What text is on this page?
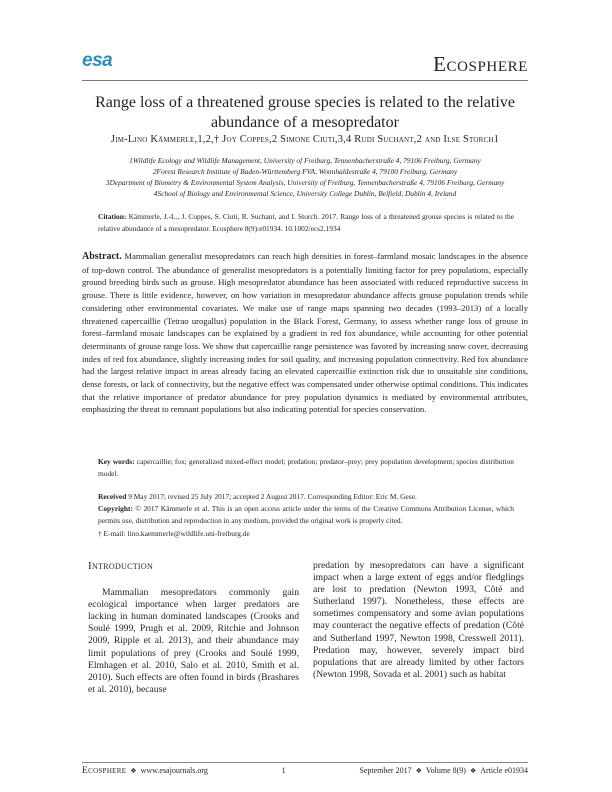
esa	Ecosphere
Range loss of a threatened grouse species is related to the relative abundance of a mesopredator
Jim-Lino Kämmerle,1,2,† Joy Coppes,2 Simone Ciuti,3,4 Rudi Suchant,2 and Ilse Storch1
1Wildlife Ecology and Wildlife Management, University of Freiburg, Tennenbacherstraße 4, 79106 Freiburg, Germany
2Forest Research Institute of Baden-Württemberg FVA, Wonnhaldestraße 4, 79100 Freiburg, Germany
3Department of Biometry & Environmental System Analysis, University of Freiburg, Tennenbacherstraße 4, 79106 Freiburg, Germany
4School of Biology and Environmental Science, University College Dublin, Belfield, Dublin 4, Ireland
Citation: Kämmerle, J.-L., J. Coppes, S. Ciuti, R. Suchant, and I. Storch. 2017. Range loss of a threatened grouse species is related to the relative abundance of a mesopredator. Ecosphere 8(9):e01934. 10.1002/ecs2.1934
Abstract. Mammalian generalist mesopredators can reach high densities in forest–farmland mosaic landscapes in the absence of top-down control. The abundance of generalist mesopredators is a potentially limiting factor for prey populations, especially ground breeding birds such as grouse. High mesopredator abundance has been associated with reduced reproductive success in grouse. There is little evidence, however, on how variation in mesopredator abundance affects grouse population trends while considering other environmental covariates. We make use of range maps spanning two decades (1993–2013) of a locally threatened capercaillie (Tetrao urogallus) population in the Black Forest, Germany, to assess whether range loss of grouse in forest–farmland mosaic landscapes can be explained by a gradient in red fox abundance, while accounting for other potential determinants of grouse range loss. We show that capercaillie range persistence was favored by increasing snow cover, decreasing index of red fox abundance, slightly increasing index for soil quality, and increasing population connectivity. Red fox abundance had the largest relative impact in areas already facing an elevated capercaillie extinction risk due to unsuitable site conditions, dense forests, or lack of connectivity, but the negative effect was compensated under otherwise optimal conditions. This indicates that the relative importance of predator abundance for prey population dynamics is mediated by environmental attributes, emphasizing the threat to remnant populations but also indicating potential for species conservation.
Key words: capercaillie; fox; generalized mixed-effect model; predation; predator–prey; prey population development; species distribution model.
Received 9 May 2017; revised 25 July 2017; accepted 2 August 2017. Corresponding Editor: Eric M. Gese.
Copyright: © 2017 Kämmerle et al. This is an open access article under the terms of the Creative Commons Attribution License, which permits use, distribution and reproduction in any medium, provided the original work is properly cited.
† E-mail: lino.kaemmerle@wildlife.uni-freiburg.de
Introduction

Mammalian mesopredators commonly gain ecological importance when larger predators are lacking in human dominated landscapes (Crooks and Soulé 1999, Prugh et al. 2009, Ritchie and Johnson 2009, Ripple et al. 2013), and their abundance may limit populations of prey (Crooks and Soulé 1999, Elmhagen et al. 2010, Salo et al. 2010, Smith et al. 2010). Such effects are often found in birds (Brashares et al. 2010), because

predation by mesopredators can have a significant impact when a large extent of eggs and/or fledglings are lost to predation (Newton 1993, Côté and Sutherland 1997). Nonetheless, these effects are sometimes compensatory and some avian populations may counteract the negative effects of predation (Côté and Sutherland 1997, Newton 1998, Cresswell 2011). Predation may, however, severely impact bird populations that are already limited by other factors (Newton 1998, Sovada et al. 2001) such as habitat

Ecosphere ❖ www.esajournals.org	1	September 2017 ❖ Volume 8(9) ❖ Article e01934
